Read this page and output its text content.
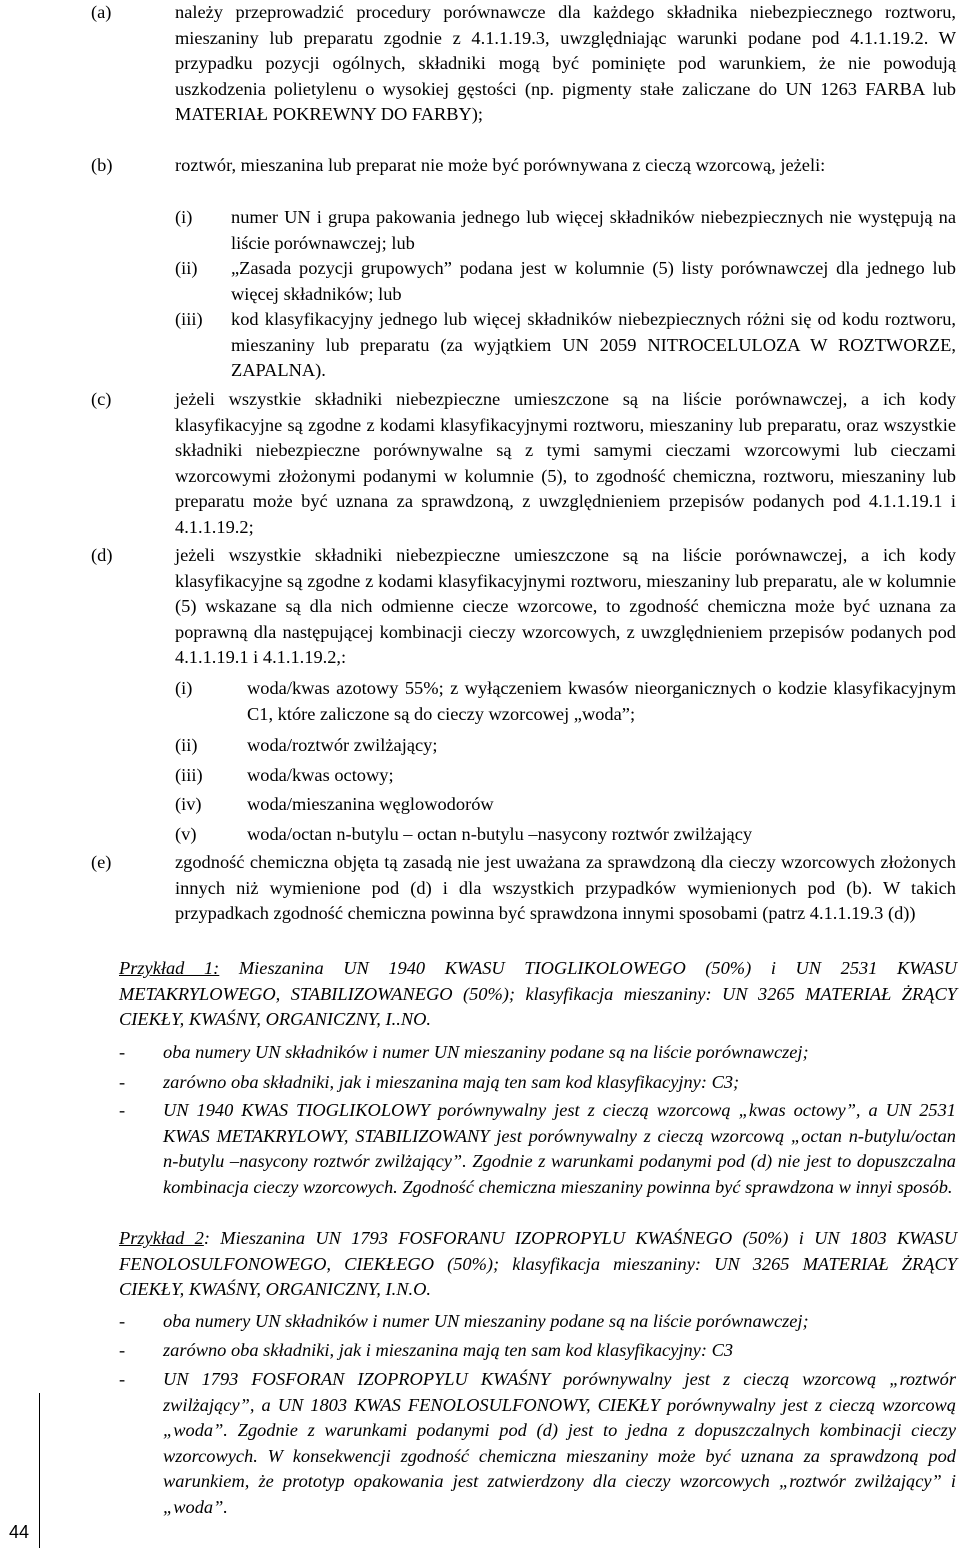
(a)	należy przeprowadzić procedury porównawcze dla każdego składnika niebezpiecznego roztworu, mieszaniny lub preparatu zgodnie z 4.1.1.19.3, uwzględniając warunki podane pod 4.1.1.19.2. W przypadku pozycji ogólnych, składniki mogą być pominięte pod warunkiem, że nie powodują uszkodzenia polietylenu o wysokiej gęstości (np. pigmenty stałe zaliczane do UN 1263 FARBA lub MATERIAŁ POKREWNY DO FARBY);
(b)	roztwór, mieszanina lub preparat nie może być porównywana z cieczą wzorcową, jeżeli:
(i) numer UN i grupa pakowania jednego lub więcej składników niebezpiecznych nie występują na liście porównawczej; lub
(ii) „Zasada pozycji grupowych” podana jest w kolumnie (5) listy porównawczej dla jednego lub więcej składników; lub
(iii) kod klasyfikacyjny jednego lub więcej składników niebezpiecznych różni się od kodu roztworu, mieszaniny lub preparatu (za wyjątkiem UN 2059 NITROCELULOZA W ROZTWORZE, ZAPALNA).
(c)	jeżeli wszystkie składniki niebezpieczne umieszczone są na liście porównawczej, a ich kody klasyfikacyjne są zgodne z kodami klasyfikacyjnymi roztworu, mieszaniny lub preparatu, oraz wszystkie składniki niebezpieczne porównywalne są z tymi samymi cieczami wzorcowymi lub cieczami wzorcowymi złożonymi podanymi w kolumnie (5), to zgodność chemiczna, roztworu, mieszaniny lub preparatu może być uznana za sprawdzoną, z uwzględnieniem przepisów podanych pod 4.1.1.19.1 i 4.1.1.19.2;
(d)	jeżeli wszystkie składniki niebezpieczne umieszczone są na liście porównawczej, a ich kody klasyfikacyjne są zgodne z kodami klasyfikacyjnymi roztworu, mieszaniny lub preparatu, ale w kolumnie (5) wskazane są dla nich odmienne ciecze wzorcowe, to zgodność chemiczna może być uznana za poprawną dla następującej kombinacji cieczy wzorcowych, z uwzględnieniem przepisów podanych pod 4.1.1.19.1 i 4.1.1.19.2,:
(i)	woda/kwas azotowy 55%; z wyłączeniem kwasów nieorganicznych o kodzie klasyfikacyjnym C1, które zaliczone są do cieczy wzorcowej „woda”;
(ii)	woda/roztwór zwilżający;
(iii) woda/kwas octowy;
(iv) woda/mieszanina węglowodorów
(v)	woda/octan n-butylu – octan n-butylu –nasycony roztwór zwilżający
(e)	zgodność chemiczna objęta tą zasadą nie jest uważana za sprawdzoną dla cieczy wzorcowych złożonych innych niż wymienione pod (d) i dla wszystkich przypadków wymienionych pod (b). W takich przypadkach zgodność chemiczna powinna być sprawdzona innymi sposobami (patrz 4.1.1.19.3 (d))
Przykład 1: Mieszanina UN 1940 KWASU TIOGLIKOLOWEGO (50%) i UN 2531 KWASU METAKRYLOWEGO, STABILIZOWANEGO (50%); klasyfikacja mieszaniny: UN 3265 MATERIAŁ ŻRĄCY CIEKŁY, KWAŚNY, ORGANICZNY, I..NO.
- oba numery UN składników i numer UN mieszaniny podane są na liście porównawczej;
- zarówno oba składniki, jak i mieszanina mają ten sam kod klasyfikacyjny: C3;
- UN 1940 KWAS TIOGLIKOLOWY porównywalny jest z cieczą wzorcową „kwas octowy”, a UN 2531 KWAS METAKRYLOWY, STABILIZOWANY jest porównywalny z cieczą wzorcową „octan n-butylu/octan n-butylu –nasycony roztwór zwilżający”. Zgodnie z warunkami podanymi pod (d) nie jest to dopuszczalna kombinacja cieczy wzorcowych. Zgodność chemiczna mieszaniny powinna być sprawdzona w innyi sposób.
Przykład 2: Mieszanina UN 1793 FOSFORANU IZOPROPYLU KWAŚNEGO (50%) i UN 1803 KWASU FENOLOSULFONOWEGO, CIEKŁEGO (50%); klasyfikacja mieszaniny: UN 3265 MATERIAŁ ŻRĄCY CIEKŁY, KWAŚNY, ORGANICZNY, I.N.O.
- oba numery UN składników i numer UN mieszaniny podane są na liście porównawczej;
- zarówno oba składniki, jak i mieszanina mają ten sam kod klasyfikacyjny: C3
- UN 1793 FOSFORAN IZOPROPYLU KWAŚNY porównywalny jest z cieczą wzorcową „roztwór zwilżający”, a UN 1803 KWAS FENOLOSULFONOWY, CIEKŁY porównywalny jest z cieczą wzorcową „woda”. Zgodnie z warunkami podanymi pod (d) jest to jedna z dopuszczalnych kombinacji cieczy wzorcowych. W konsekwencji zgodność chemiczna mieszaniny może być uznana za sprawdzoną pod warunkiem, że prototyp opakowania jest zatwierdzony dla cieczy wzorcowych „roztwór zwilżający” i „woda”.
44
